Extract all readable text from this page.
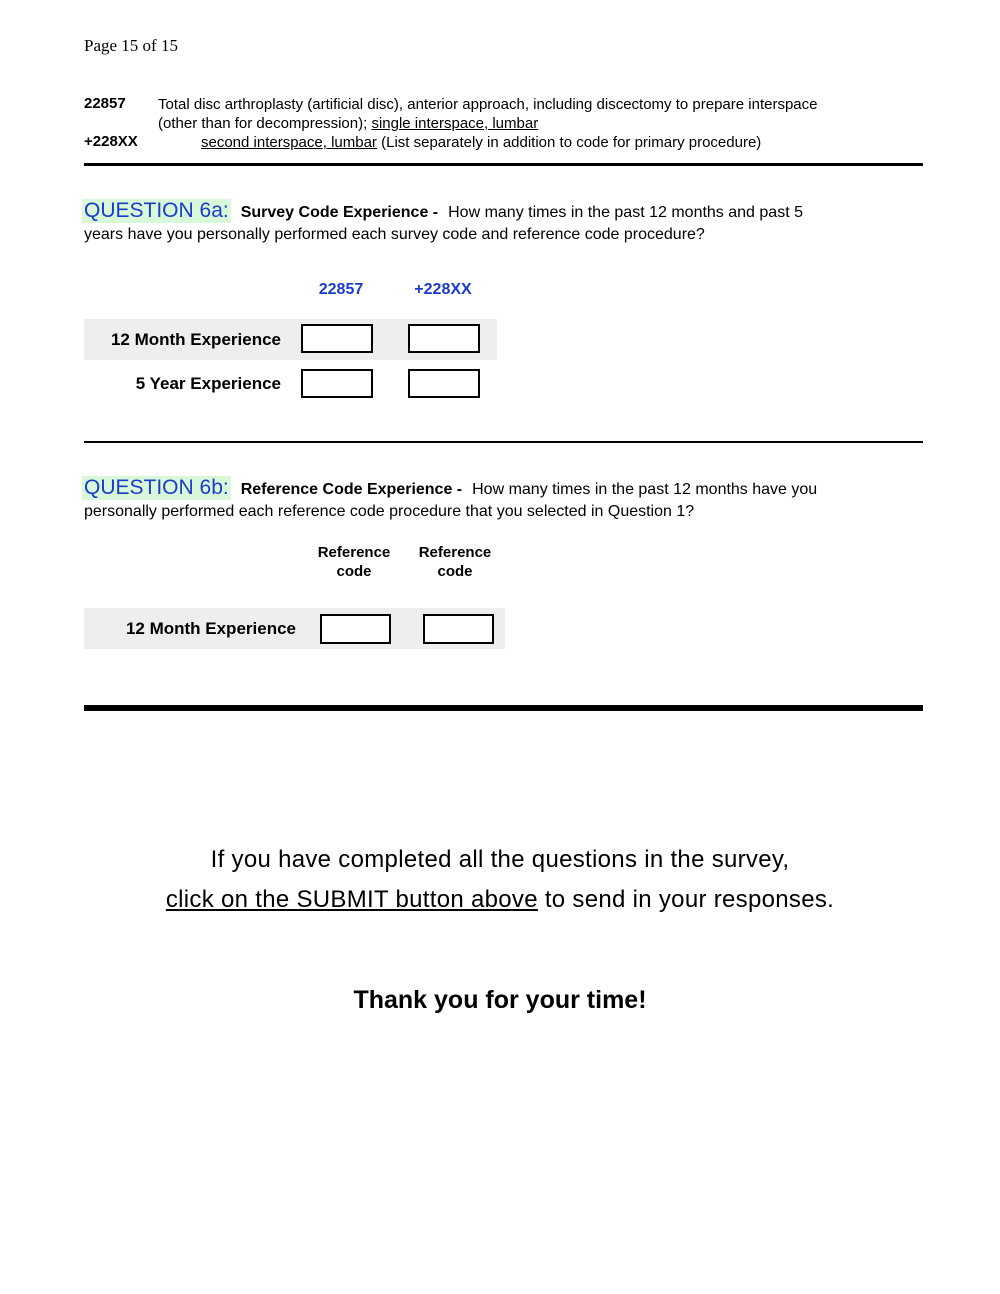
Page 15 of 15
22857 Total disc arthroplasty (artificial disc), anterior approach, including discectomy to prepare interspace
(other than for decompression); single interspace, lumbar
+228XX	second interspace, lumbar (List separately in addition to code for primary procedure)
QUESTION 6a: Survey Code Experience - How many times in the past 12 months and past 5
years have you personally performed each survey code and reference code procedure?
22857	+228XX
12 Month Experience
5 Year Experience
QUESTION 6b: Reference Code Experience - How many times in the past 12 months have you
personally performed each reference code procedure that you selected in Question 1?
Reference
code
Reference
code
12 Month Experience
If you have completed all the questions in the survey,
click on the SUBMIT button above to send in your responses.
Thank you for your time!
